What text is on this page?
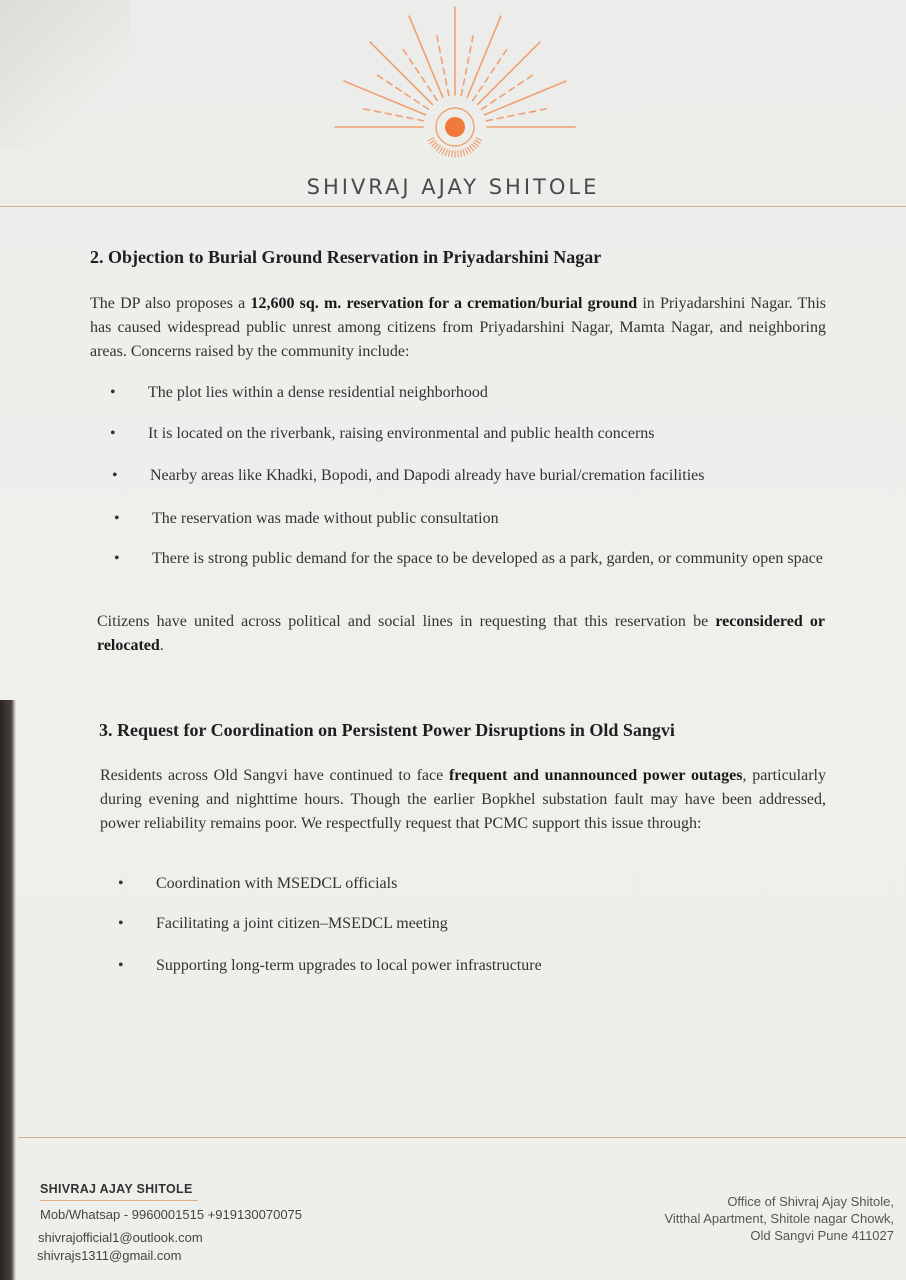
SHIVRAJ AJAY SHITOLE
2. Objection to Burial Ground Reservation in Priyadarshini Nagar
The DP also proposes a 12,600 sq. m. reservation for a cremation/burial ground in Priyadarshini Nagar. This has caused widespread public unrest among citizens from Priyadarshini Nagar, Mamta Nagar, and neighboring areas. Concerns raised by the community include:
• The plot lies within a dense residential neighborhood
• It is located on the riverbank, raising environmental and public health concerns
• Nearby areas like Khadki, Bopodi, and Dapodi already have burial/cremation facilities
• The reservation was made without public consultation
• There is strong public demand for the space to be developed as a park, garden, or community open space
Citizens have united across political and social lines in requesting that this reservation be reconsidered or relocated.
3. Request for Coordination on Persistent Power Disruptions in Old Sangvi
Residents across Old Sangvi have continued to face frequent and unannounced power outages, particularly during evening and nighttime hours. Though the earlier Bopkhel substation fault may have been addressed, power reliability remains poor. We respectfully request that PCMC support this issue through:
• Coordination with MSEDCL officials
• Facilitating a joint citizen–MSEDCL meeting
• Supporting long-term upgrades to local power infrastructure
SHIVRAJ AJAY SHITOLE
Mob/Whatsap - 9960001515 +919130070075
shivrajofficial1@outlook.com
shivrajs1311@gmail.com
Office of Shivraj Ajay Shitole,
Vitthal Apartment, Shitole nagar Chowk,
Old Sangvi Pune 411027
